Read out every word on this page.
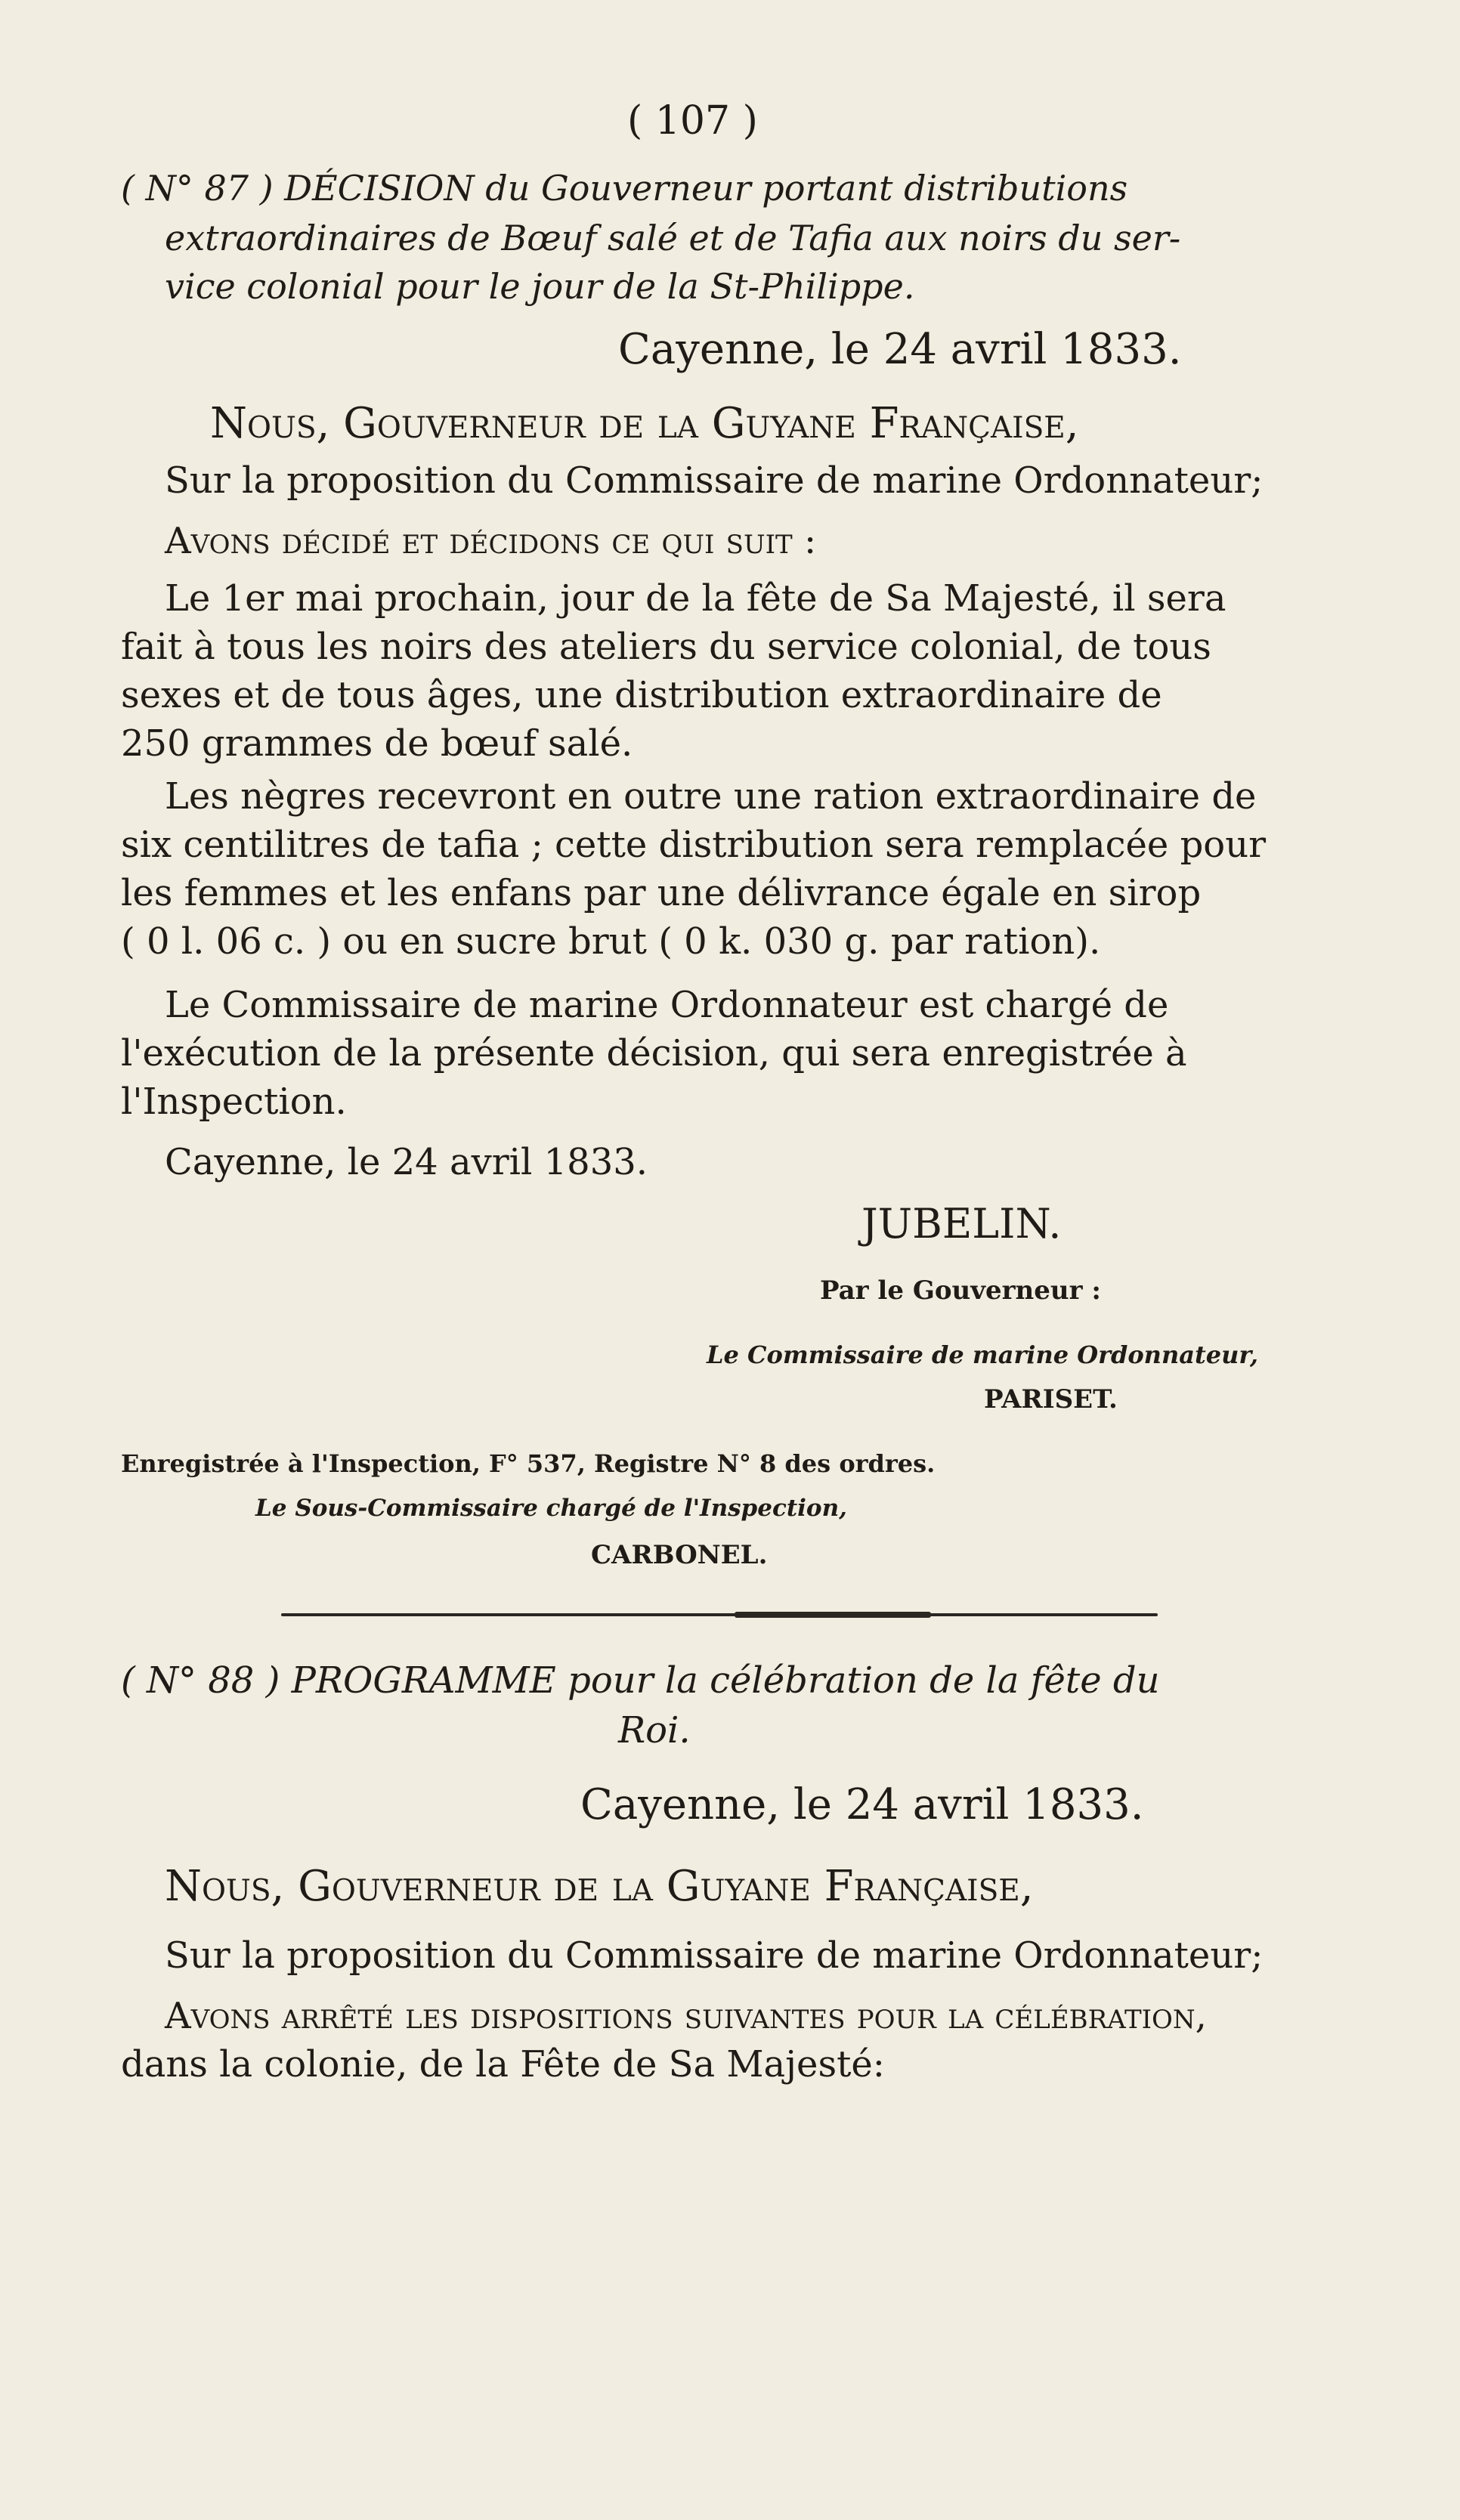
( 107 )

( N° 87 ) DÉCISION du Gouverneur portant distributions

extraordinaires de Bœuf salé et de Tafia aux noirs du ser-

vice colonial pour le jour de la St-Philippe.

Cayenne, le 24 avril 1833.

Nous, Gouverneur de la Guyane Française,

Sur la proposition du Commissaire de marine Ordonnateur;

Avons décidé et décidons ce qui suit :

Le 1er mai prochain, jour de la fête de Sa Majesté, il sera

fait à tous les noirs des ateliers du service colonial, de tous

sexes et de tous âges, une distribution extraordinaire de

250 grammes de bœuf salé.

Les nègres recevront en outre une ration extraordinaire de

six centilitres de tafia ; cette distribution sera remplacée pour

les femmes et les enfans par une délivrance égale en sirop

( 0 l. 06 c. ) ou en sucre brut ( 0 k. 030 g. par ration).

Le Commissaire de marine Ordonnateur est chargé de

l'exécution de la présente décision, qui sera enregistrée à

l'Inspection.

Cayenne, le 24 avril 1833.

JUBELIN.

Par le Gouverneur :

Le Commissaire de marine Ordonnateur,

PARISET.

Enregistrée à l'Inspection, F° 537, Registre N° 8 des ordres.

Le Sous-Commissaire chargé de l'Inspection,

CARBONEL.

( N° 88 ) PROGRAMME pour la célébration de la fête du

Roi.

Cayenne, le 24 avril 1833.

Nous, Gouverneur de la Guyane Française,

Sur la proposition du Commissaire de marine Ordonnateur;

Avons arrêté les dispositions suivantes pour la célébration,

dans la colonie, de la Fête de Sa Majesté:
